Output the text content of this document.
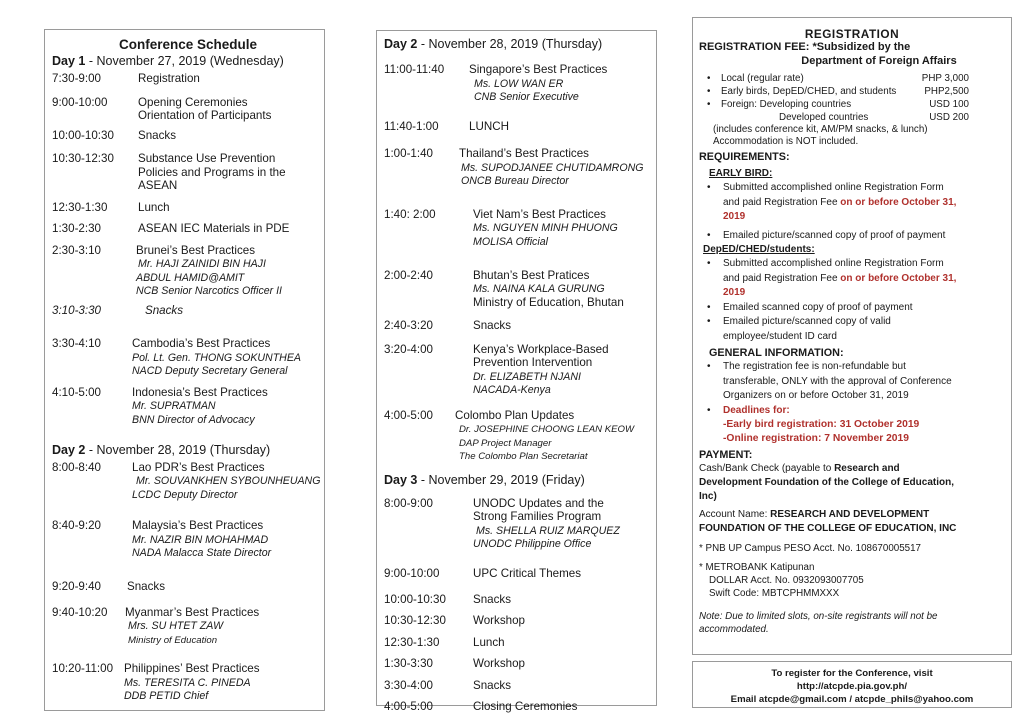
Conference Schedule
Day 1 - November 27, 2019 (Wednesday)
7:30-9:00	Registration
9:00-10:00	Opening Ceremonies
Orientation of Participants
10:00-10:30	Snacks
10:30-12:30	Substance Use Prevention
Policies and Programs in the
ASEAN
12:30-1:30	Lunch
1:30-2:30	ASEAN IEC Materials in PDE
2:30-3:10	Brunei’s Best Practices
Mr. HAJI ZAINIDI BIN HAJI
ABDUL HAMID@AMIT
NCB Senior Narcotics Officer II
3:10-3:30	Snacks
3:30-4:10	Cambodia’s Best Practices
Pol. Lt. Gen. THONG SOKUNTHEA
NACD Deputy Secretary General
4:10-5:00	Indonesia’s Best Practices
Mr. SUPRATMAN
BNN Director of Advocacy
Day 2 - November 28, 2019 (Thursday)
8:00-8:40	Lao PDR’s Best Practices
Mr. SOUVANKHEN SYBOUNHEUANG
LCDC Deputy Director
8:40-9:20	Malaysia’s Best Practices
Mr. NAZIR BIN MOHAHMAD
NADA Malacca State Director
9:20-9:40	Snacks
9:40-10:20	Myanmar’s Best Practices
Mrs. SU HTET ZAW
Ministry of Education
10:20-11:00 Philippines’ Best Practices
Ms. TERESITA C. PINEDA
DDB PETID Chief
Day 2 - November 28, 2019 (Thursday)
11:00-11:40	Singapore’s Best Practices
Ms. LOW WAN ER
CNB Senior Executive
11:40-1:00	LUNCH
1:00-1:40	Thailand’s Best Practices
Ms. SUPODJANEE CHUTIDAMRONG
ONCB Bureau Director
1:40: 2:00	Viet Nam’s Best Practices
Ms. NGUYEN MINH PHUONG
MOLISA Official
2:00-2:40	Bhutan’s Best Pratices
Ms. NAINA KALA GURUNG
Ministry of Education, Bhutan
2:40-3:20	Snacks
3:20-4:00	Kenya’s Workplace-Based
Prevention Intervention
Dr. ELIZABETH NJANI
NACADA-Kenya
4:00-5:00	Colombo Plan Updates
Dr. JOSEPHINE CHOONG LEAN KEOW
DAP Project Manager
The Colombo Plan Secretariat
Day 3 - November 29, 2019 (Friday)
8:00-9:00	UNODC Updates and the
Strong Families Program
Ms. SHELLA RUIZ MARQUEZ
UNODC Philippine Office
9:00-10:00	UPC Critical Themes
10:00-10:30	Snacks
10:30-12:30	Workshop
12:30-1:30	Lunch
1:30-3:30	Workshop
3:30-4:00	Snacks
4:00-5:00	Closing Ceremonies
REGISTRATION
REGISTRATION FEE: *Subsidized by the
Department of Foreign Affairs
•	Local (regular rate)	PHP 3,000
•	Early birds, DepED/CHED, and students	PHP2,500
•	Foreign: Developing countries	USD 100
Developed countries	USD 200
(includes conference kit, AM/PM snacks, & lunch)
Accommodation is NOT included.
REQUIREMENTS:
EARLY BIRD:
•	Submitted accomplished online Registration Form
and paid Registration Fee on or before October 31,
2019
•	Emailed picture/scanned copy of proof of payment
DepED/CHED/students:
•	Submitted accomplished online Registration Form
and paid Registration Fee on or before October 31,
2019
•	Emailed scanned copy of proof of payment
•	Emailed picture/scanned copy of valid
employee/student ID card
GENERAL INFORMATION:
•	The registration fee is non-refundable but
transferable, ONLY with the approval of Conference
Organizers on or before October 31, 2019
•	Deadlines for:
-Early bird registration: 31 October 2019
-Online registration: 7 November 2019
PAYMENT:
Cash/Bank Check (payable to Research and
Development Foundation of the College of Education,
Inc)
Account Name: RESEARCH AND DEVELOPMENT
FOUNDATION OF THE COLLEGE OF EDUCATION, INC
* PNB UP Campus PESO Acct. No. 108670005517
* METROBANK Katipunan
DOLLAR Acct. No. 0932093007705
Swift Code: MBTCPHMMXXX
Note: Due to limited slots, on-site registrants will not be
accommodated.
To register for the Conference, visit
http://atcpde.pia.gov.ph/
Email atcpde@gmail.com / atcpde_phils@yahoo.com
